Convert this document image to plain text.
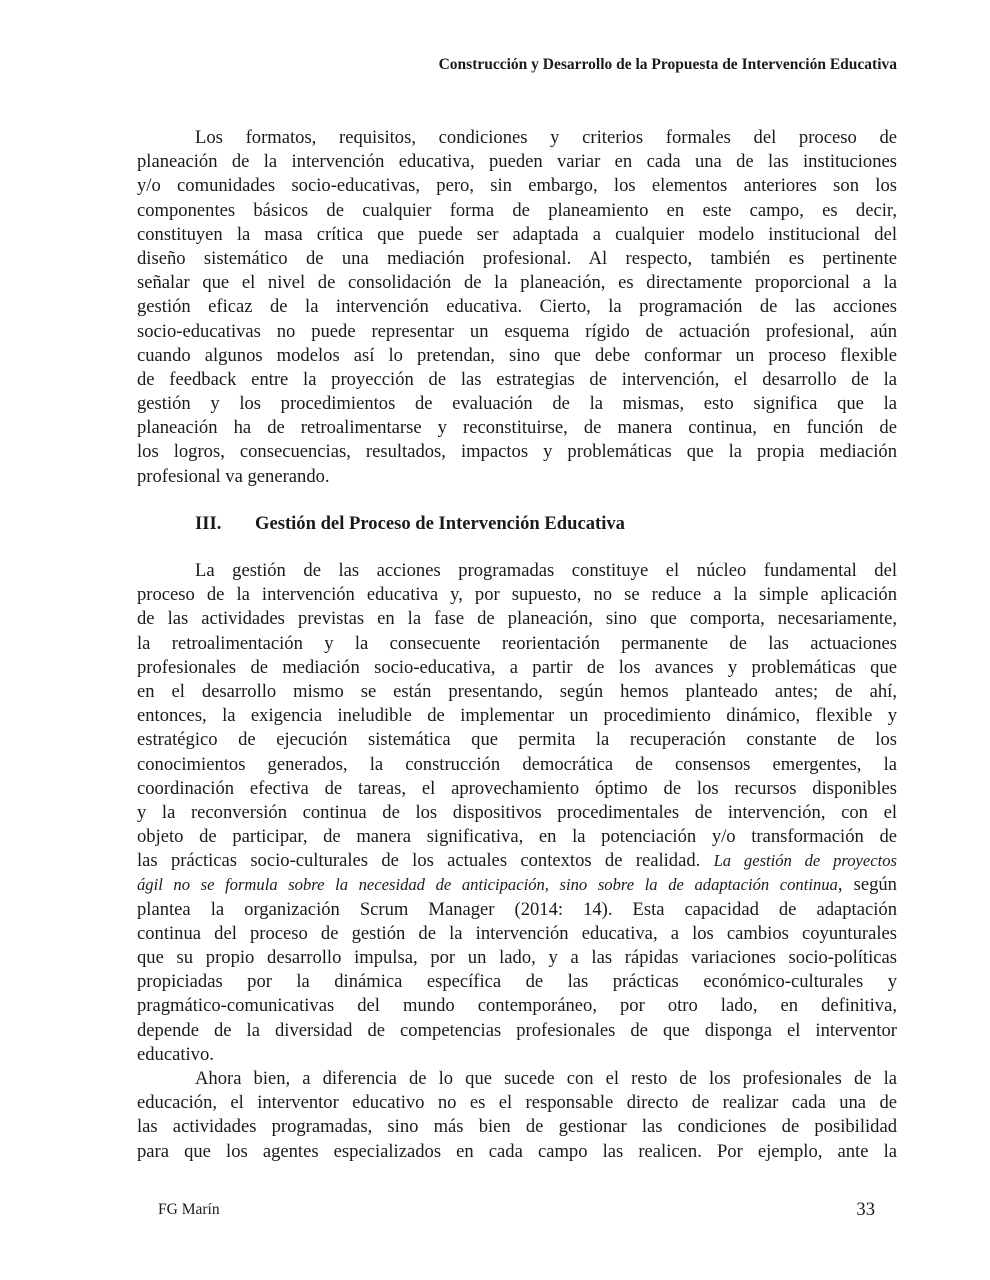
Construcción y Desarrollo de la Propuesta de Intervención Educativa
Los formatos, requisitos, condiciones y criterios formales del proceso de
planeación de la intervención educativa, pueden variar en cada una de las instituciones
y/o comunidades socio-educativas, pero, sin embargo, los elementos anteriores son los
componentes básicos de cualquier forma de planeamiento en este campo, es decir,
constituyen la masa crítica que puede ser adaptada a cualquier modelo institucional del
diseño sistemático de una mediación profesional. Al respecto, también es pertinente
señalar que el nivel de consolidación de la planeación, es directamente proporcional a la
gestión eficaz de la intervención educativa. Cierto, la programación de las acciones
socio-educativas no puede representar un esquema rígido de actuación profesional, aún
cuando algunos modelos así lo pretendan, sino que debe conformar un proceso flexible
de feedback entre la proyección de las estrategias de intervención, el desarrollo de la
gestión y los procedimientos de evaluación de la mismas, esto significa que la
planeación ha de retroalimentarse y reconstituirse, de manera continua, en función de
los logros, consecuencias, resultados, impactos y problemáticas que la propia mediación
profesional va generando.
III.	Gestión del Proceso de Intervención Educativa
La gestión de las acciones programadas constituye el núcleo fundamental del
proceso de la intervención educativa y, por supuesto, no se reduce a la simple aplicación
de las actividades previstas en la fase de planeación, sino que comporta, necesariamente,
la retroalimentación y la consecuente reorientación permanente de las actuaciones
profesionales de mediación socio-educativa, a partir de los avances y problemáticas que
en el desarrollo mismo se están presentando, según hemos planteado antes; de ahí,
entonces, la exigencia ineludible de implementar un procedimiento dinámico, flexible y
estratégico de ejecución sistemática que permita la recuperación constante de los
conocimientos generados, la construcción democrática de consensos emergentes, la
coordinación efectiva de tareas, el aprovechamiento óptimo de los recursos disponibles
y la reconversión continua de los dispositivos procedimentales de intervención, con el
objeto de participar, de manera significativa, en la potenciación y/o transformación de
las prácticas socio-culturales de los actuales contextos de realidad. La gestión de proyectos
ágil no se formula sobre la necesidad de anticipación, sino sobre la de adaptación continua, según
plantea la organización Scrum Manager (2014: 14). Esta capacidad de adaptación
continua del proceso de gestión de la intervención educativa, a los cambios coyunturales
que su propio desarrollo impulsa, por un lado, y a las rápidas variaciones socio-políticas
propiciadas por la dinámica específica de las prácticas económico-culturales y
pragmático-comunicativas del mundo contemporáneo, por otro lado, en definitiva,
depende de la diversidad de competencias profesionales de que disponga el interventor
educativo.
Ahora bien, a diferencia de lo que sucede con el resto de los profesionales de la
educación, el interventor educativo no es el responsable directo de realizar cada una de
las actividades programadas, sino más bien de gestionar las condiciones de posibilidad
para que los agentes especializados en cada campo las realicen. Por ejemplo, ante la
FG Marín	33
